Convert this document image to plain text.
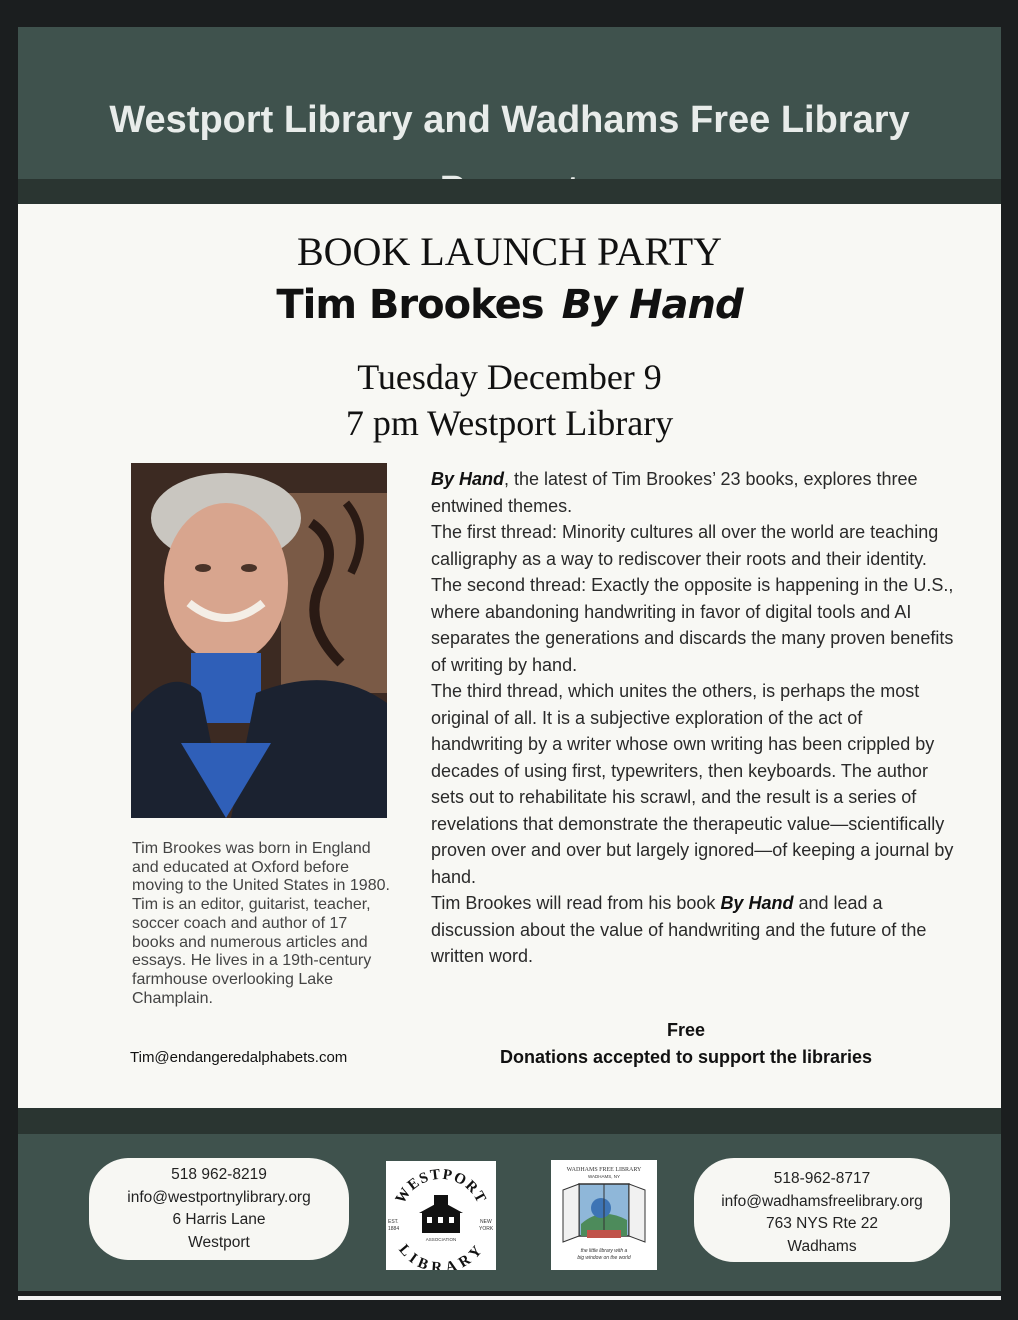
Westport Library and Wadhams Free Library
BOOK LAUNCH PARTY
Tim Brookes By Hand
Tuesday December 9
7 pm Westport Library
Tim Brookes was born in England and educated at Oxford before moving to the United States in 1980. Tim is an editor, guitarist, teacher, soccer coach and author of 17 books and numerous articles and essays. He lives in a 19th-century farmhouse overlooking Lake Champlain.
Tim@endangeredalphabets.com

By Hand, the latest of Tim Brookes’ 23 books, explores three entwined themes.

The first thread: Minority cultures all over the world are teaching calligraphy as a way to rediscover their roots and their identity.

The second thread: Exactly the opposite is happening in the U.S., where abandoning handwriting in favor of digital tools and AI separates the generations and discards the many proven benefits of writing by hand.

The third thread, which unites the others, is perhaps the most original of all. It is a subjective exploration of the act of handwriting by a writer whose own writing has been crippled by decades of using first, typewriters, then keyboards. The author sets out to rehabilitate his scrawl, and the result is a series of revelations that demonstrate the therapeutic value—scientifically proven over and over but largely ignored—of keeping a journal by hand.

Tim Brookes will read from his book By Hand and lead a discussion about the value of handwriting and the future of the written word.

Free
Donations accepted to support the libraries
518 962-8219
info@westportnylibrary.org
6 Harris Lane
Westport
WESTPORT
LIBRARY
EST.
1884
NEW
YORK
ASSOCIATION
WADHAMS FREE LIBRARY
WADHAMS, NY
the little library with a
big window on the world
518-962-8717
info@wadhamsfreelibrary.org
763 NYS Rte 22
Wadhams
